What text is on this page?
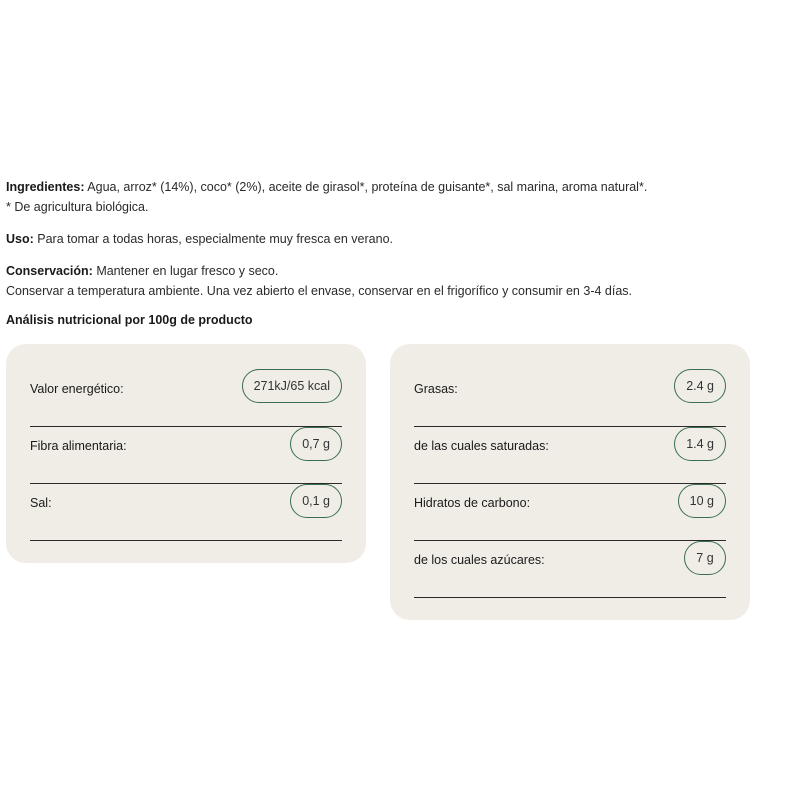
Ingredientes: Agua, arroz* (14%), coco* (2%), aceite de girasol*, proteína de guisante*, sal marina, aroma natural*.
* De agricultura biológica.
Uso: Para tomar a todas horas, especialmente muy fresca en verano.
Conservación: Mantener en lugar fresco y seco.
Conservar a temperatura ambiente. Una vez abierto el envase, conservar en el frigorífico y consumir en 3-4 días.
Análisis nutricional por 100g de producto
Valor energético:	271kJ/65 kcal
Fibra alimentaria:	0,7 g
Sal:	0,1 g
Grasas:	2.4 g
de las cuales saturadas:	1.4 g
Hidratos de carbono:	10 g
de los cuales azúcares:	7 g
